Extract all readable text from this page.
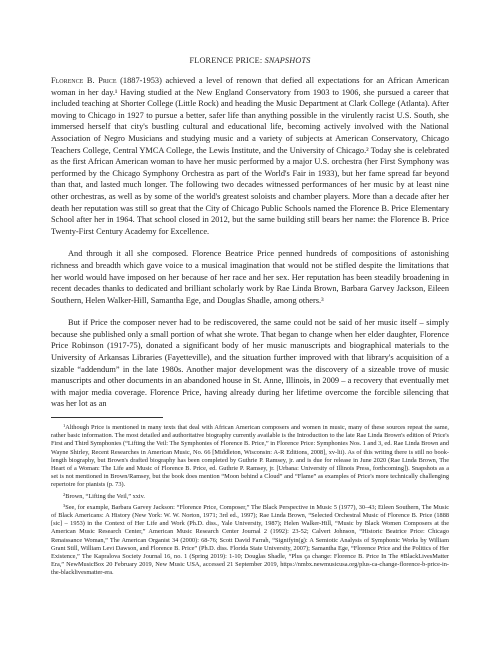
FLORENCE PRICE: SNAPSHOTS

Florence B. Price (1887-1953) achieved a level of renown that defied all expectations for an African American woman in her day.¹ Having studied at the New England Conservatory from 1903 to 1906, she pursued a career that included teaching at Shorter College (Little Rock) and heading the Music Department at Clark College (Atlanta). After moving to Chicago in 1927 to pursue a better, safer life than anything possible in the virulently racist U.S. South, she immersed herself that city's bustling cultural and educational life, becoming actively involved with the National Association of Negro Musicians and studying music and a variety of subjects at American Conservatory, Chicago Teachers College, Central YMCA College, the Lewis Institute, and the University of Chicago.² Today she is celebrated as the first African American woman to have her music performed by a major U.S. orchestra (her First Symphony was performed by the Chicago Symphony Orchestra as part of the World's Fair in 1933), but her fame spread far beyond than that, and lasted much longer. The following two decades witnessed performances of her music by at least nine other orchestras, as well as by some of the world's greatest soloists and chamber players. More than a decade after her death her reputation was still so great that the City of Chicago Public Schools named the Florence B. Price Elementary School after her in 1964. That school closed in 2012, but the same building still bears her name: the Florence B. Price Twenty-First Century Academy for Excellence.

And through it all she composed. Florence Beatrice Price penned hundreds of compositions of astonishing richness and breadth which gave voice to a musical imagination that would not be stifled despite the limitations that her world would have imposed on her because of her race and her sex. Her reputation has been steadily broadening in recent decades thanks to dedicated and brilliant scholarly work by Rae Linda Brown, Barbara Garvey Jackson, Eileen Southern, Helen Walker-Hill, Samantha Ege, and Douglas Shadle, among others.³

But if Price the composer never had to be rediscovered, the same could not be said of her music itself – simply because she published only a small portion of what she wrote. That began to change when her elder daughter, Florence Price Robinson (1917-75), donated a significant body of her music manuscripts and biographical materials to the University of Arkansas Libraries (Fayetteville), and the situation further improved with that library's acquisition of a sizable “addendum” in the late 1980s. Another major development was the discovery of a sizeable trove of music manuscripts and other documents in an abandoned house in St. Anne, Illinois, in 2009 – a recovery that eventually met with major media coverage. Florence Price, having already during her lifetime overcome the forcible silencing that was her lot as an

$^1$Although Price is mentioned in many texts that deal with African American composers and women in music, many of these sources repeat the same, rather basic information. The most detailed and authoritative biography currently available is the Introduction to the late Rae Linda Brown's edition of Price's First and Third Symphonies (“Lifting the Veil: The Symphonies of Florence B. Price,” in Florence Price: Symphonies Nos. 1 and 3, ed. Rae Linda Brown and Wayne Shirley, Recent Researches in American Music, No. 66 [Middleton, Wisconsin: A-R Editions, 2008], xv-lii). As of this writing there is still no book-length biography, but Brown's drafted biography has been completed by Guthrie P. Ramsey, jr. and is due for release in June 2020 (Rae Linda Brown, The Heart of a Woman: The Life and Music of Florence B. Price, ed. Guthrie P. Ramsey, jr. [Urbana: University of Illinois Press, forthcoming]). Snapshots as a set is not mentioned in Brown/Ramsey, but the book does mention “Moon behind a Cloud” and “Flame” as examples of Price's more technically challenging repertoire for pianists (p. 73).

$^2$Brown, “Lifting the Veil,” xxiv.

$^3$See, for example, Barbara Garvey Jackson: “Florence Price, Composer,” The Black Perspective in Music 5 (1977), 30–43; Eileen Southern, The Music of Black Americans: A History (New York: W. W. Norton, 1971; 3rd ed., 1997); Rae Linda Brown, “Selected Orchestral Music of Florence B. Price (1888 [sic] – 1953) in the Context of Her Life and Work (Ph.D. diss., Yale University, 1987); Helen Walker-Hill, “Music by Black Women Composers at the American Music Research Center,” American Music Research Center Journal 2 (1992): 23-52; Calvert Johnson, “Historic Beatrice Price: Chicago Renaissance Woman,” The American Organist 34 (2000): 68-76; Scott David Farrah, “Signifyin(g): A Semiotic Analysis of Symphonic Works by William Grant Still, William Levi Dawson, and Florence B. Price” (Ph.D. diss. Florida State University, 2007); Samantha Ege, “Florence Price and the Politics of Her Existence,” The Kapralova Society Journal 16, no. 1 (Spring 2019): 1-10; Douglas Shadle, “Plus ça change: Florence B. Price In The #BlackLivesMatter Era,” NewMusicBox 20 February 2019, New Music USA, accessed 21 September 2019, https://nmbx.newmusicusa.org/plus-ca-change-florence-b-price-in-the-blacklivesmatter-era.
